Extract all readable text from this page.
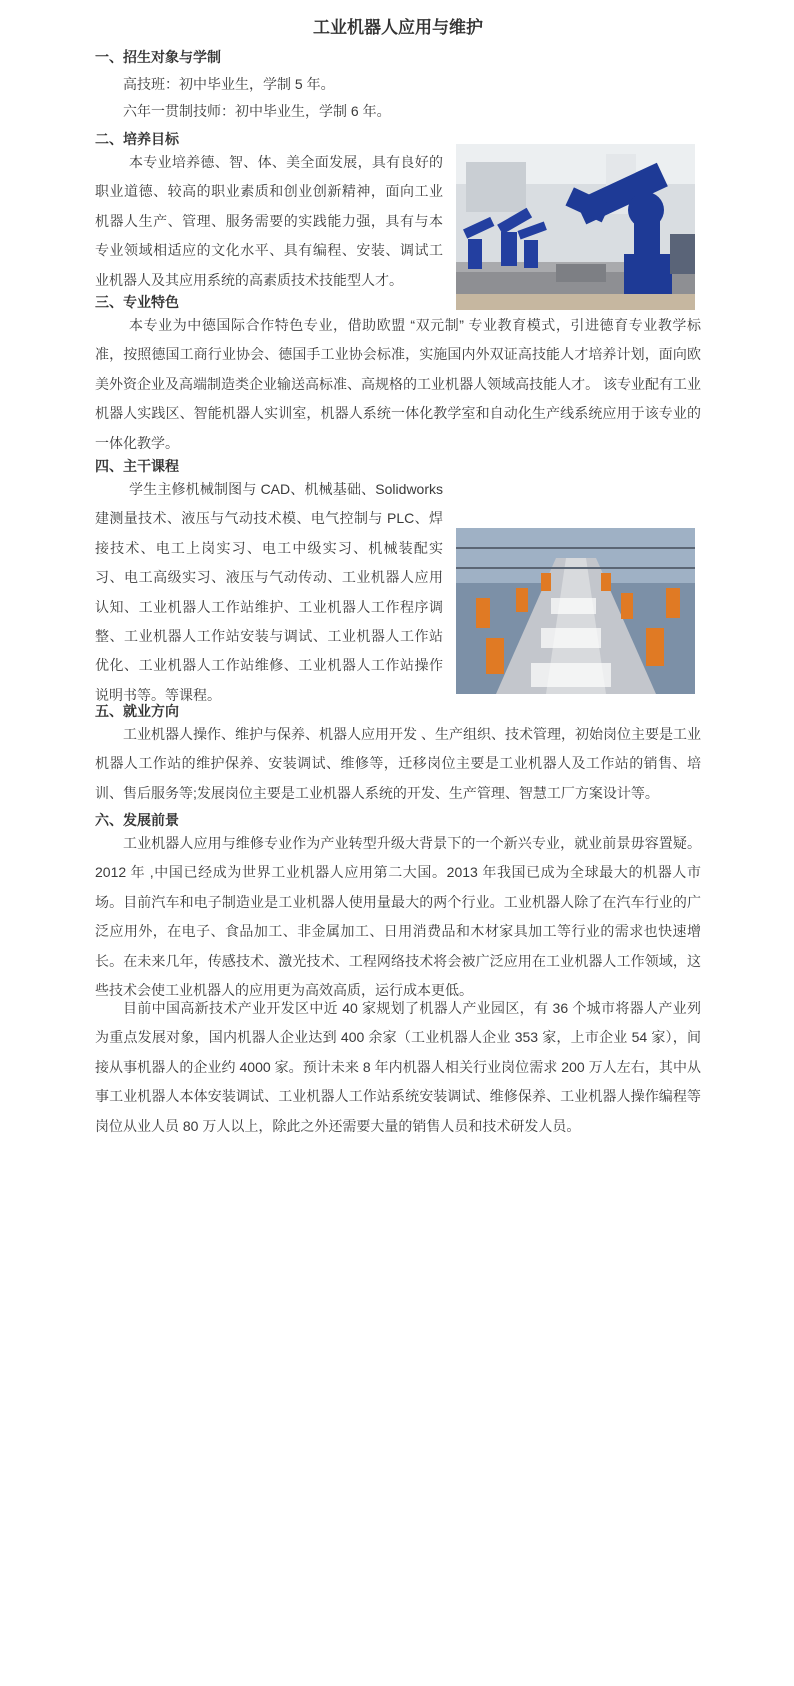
工业机器人应用与维护
一、招生对象与学制
高技班：初中毕业生，学制 5 年。
六年一贯制技师：初中毕业生，学制 6 年。
二、培养目标
本专业培养德、智、体、美全面发展，具有良好的职业道德、较高的职业素质和创业创新精神，面向工业机器人生产、管理、服务需要的实践能力强，具有与本专业领域相适应的文化水平、具有编程、安装、调试工业机器人及其应用系统的高素质技术技能型人才。
三、专业特色
本专业为中德国际合作特色专业，借助欧盟 “双元制” 专业教育模式，引进德育专业教学标准，按照德国工商行业协会、德国手工业协会标准，实施国内外双证高技能人才培养计划，面向欧美外资企业及高端制造类企业输送高标准、高规格的工业机器人领域高技能人才。 该专业配有工业机器人实践区、智能机器人实训室，机器人系统一体化教学室和自动化生产线系统应用于该专业的一体化教学。
四、主干课程
学生主修机械制图与 CAD、机械基础、Solidworks 建测量技术、液压与气动技术模、电气控制与 PLC、焊接技术、电工上岗实习、电工中级实习、机械装配实习、电工高级实习、液压与气动传动、工业机器人应用认知、工业机器人工作站维护、工业机器人工作程序调整、工业机器人工作站安装与调试、工业机器人工作站优化、工业机器人工作站维修、工业机器人工作站操作说明书等。等课程。
五、就业方向
工业机器人操作、维护与保养、机器人应用开发 、生产组织、技术管理，初始岗位主要是工业机器人工作站的维护保养、安装调试、维修等，迁移岗位主要是工业机器人及工作站的销售、培训、售后服务等;发展岗位主要是工业机器人系统的开发、生产管理、智慧工厂方案设计等。
六、发展前景
工业机器人应用与维修专业作为产业转型升级大背景下的一个新兴专业，就业前景毋容置疑。2012 年 ,中国已经成为世界工业机器人应用第二大国。2013 年我国已成为全球最大的机器人市场。目前汽车和电子制造业是工业机器人使用量最大的两个行业。工业机器人除了在汽车行业的广泛应用外，在电子、食品加工、非金属加工、日用消费品和木材家具加工等行业的需求也快速增长。在未来几年，传感技术、激光技术、工程网络技术将会被广泛应用在工业机器人工作领域，这些技术会使工业机器人的应用更为高效高质，运行成本更低。
目前中国高新技术产业开发区中近 40 家规划了机器人产业园区，有 36 个城市将器人产业列为重点发展对象，国内机器人企业达到 400 余家（工业机器人企业 353 家，上市企业 54 家），间接从事机器人的企业约 4000 家。预计未来 8 年内机器人相关行业岗位需求 200 万人左右，其中从事工业机器人本体安装调试、工业机器人工作站系统安装调试、维修保养、工业机器人操作编程等岗位从业人员 80 万人以上，除此之外还需要大量的销售人员和技术研发人员。
